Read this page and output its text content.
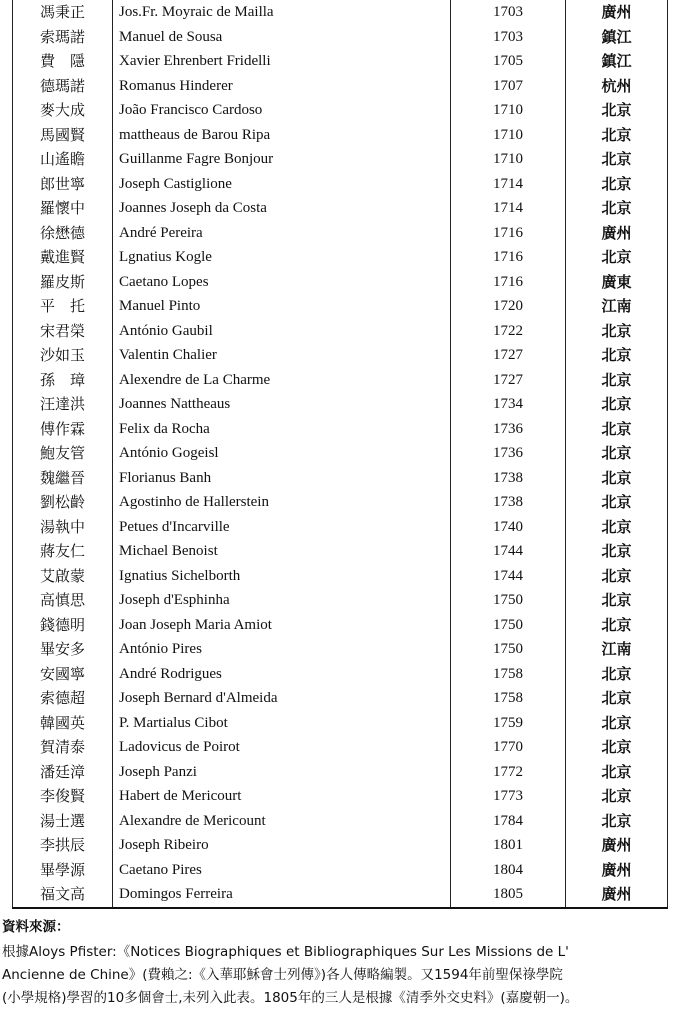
馮秉正	Jos.Fr. Moyraic de Mailla	1703	廣州
索瑪諾	Manuel de Sousa	1703	鎮江
費　隱	Xavier Ehrenbert Fridelli	1705	鎮江
德瑪諾	Romanus Hinderer	1707	杭州
麥大成	João Francisco Cardoso	1710	北京
馬國賢	mattheaus de Barou Ripa	1710	北京
山遙瞻	Guillanme Fagre Bonjour	1710	北京
郎世寧	Joseph Castiglione	1714	北京
羅懷中	Joannes Joseph da Costa	1714	北京
徐懋德	André Pereira	1716	廣州
戴進賢	Lgnatius Kogle	1716	北京
羅皮斯	Caetano Lopes	1716	廣東
平　托	Manuel Pinto	1720	江南
宋君榮	António Gaubil	1722	北京
沙如玉	Valentin Chalier	1727	北京
孫　璋	Alexendre de La Charme	1727	北京
汪達洪	Joannes Nattheaus	1734	北京
傅作霖	Felix da Rocha	1736	北京
鮑友管	António Gogeisl	1736	北京
魏繼晉	Florianus Banh	1738	北京
劉松齡	Agostinho de Hallerstein	1738	北京
湯執中	Petues d'Incarville	1740	北京
蔣友仁	Michael Benoist	1744	北京
艾啟蒙	Ignatius Sichelborth	1744	北京
高慎思	Joseph d'Esphinha	1750	北京
錢德明	Joan Joseph Maria Amiot	1750	北京
畢安多	António Pires	1750	江南
安國寧	André Rodrigues	1758	北京
索德超	Joseph Bernard d'Almeida	1758	北京
韓國英	P. Martialus Cibot	1759	北京
賀清泰	Ladovicus de Poirot	1770	北京
潘廷漳	Joseph Panzi	1772	北京
李俊賢	Habert de Mericourt	1773	北京
湯士選	Alexandre de Mericount	1784	北京
李拱辰	Joseph Ribeiro	1801	廣州
畢學源	Caetano Pires	1804	廣州
福文高	Domingos Ferreira	1805	廣州
資料來源：
根據Aloys Pfister:《Notices Biographiques et Bibliographiques Sur Les Missions de L'
Ancienne de Chine》(費賴之:《入華耶穌會士列傳》)各人傳略編製。又1594年前聖保祿學院
(小學規格)學習的10多個會士,未列入此表。1805年的三人是根據《清季外交史料》(嘉慶朝一)。
